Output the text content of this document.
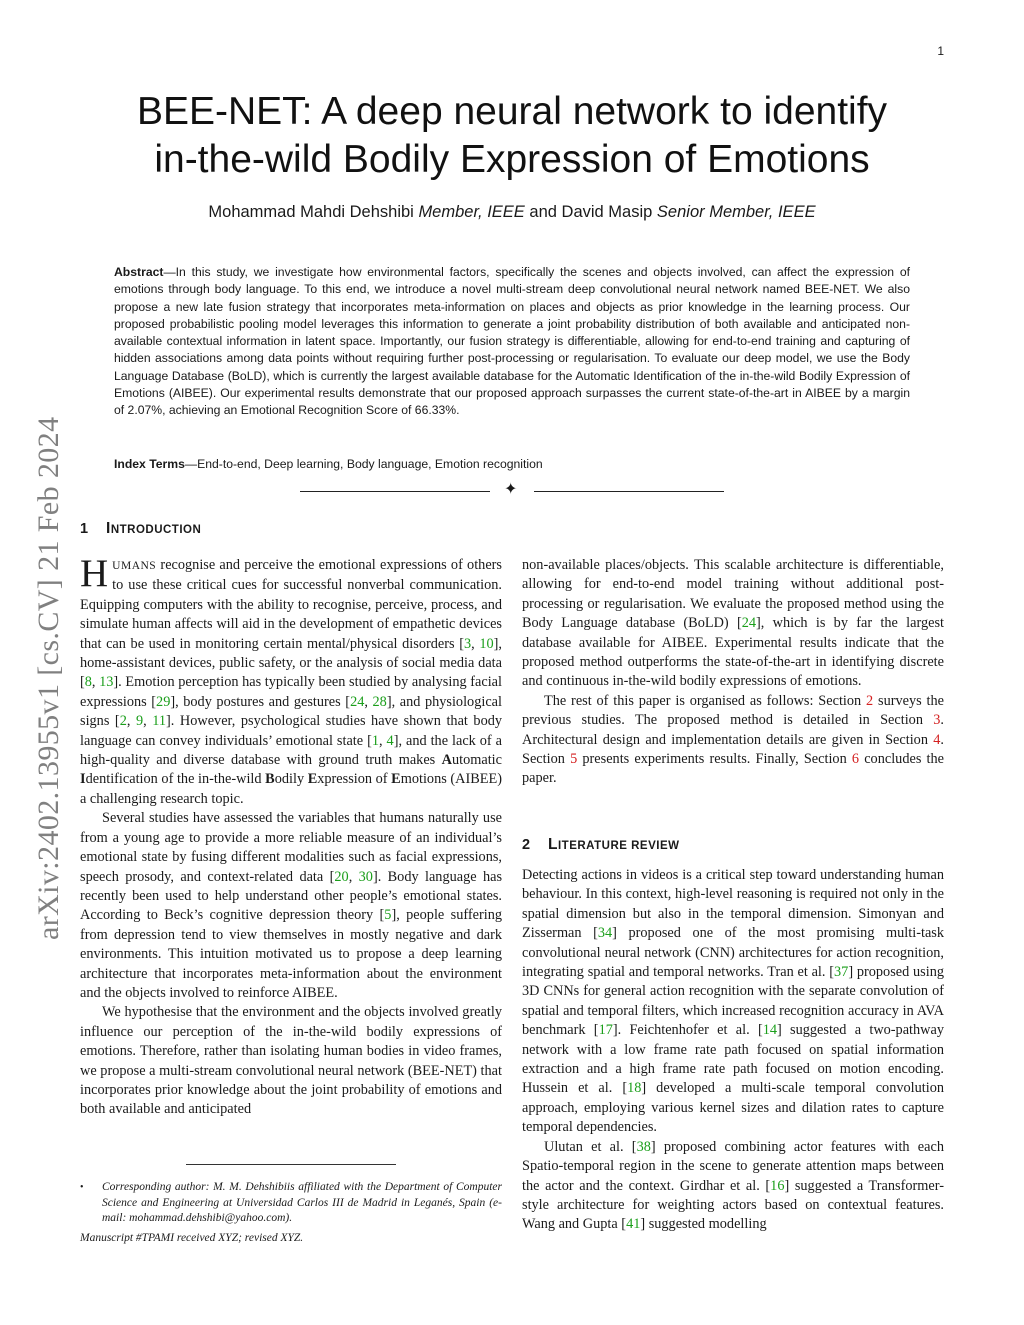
1
arXiv:2402.13955v1 [cs.CV] 21 Feb 2024
BEE-NET: A deep neural network to identify
in-the-wild Bodily Expression of Emotions
Mohammad Mahdi Dehshibi Member, IEEE and David Masip Senior Member, IEEE

Abstract—In this study, we investigate how environmental factors, specifically the scenes and objects involved, can affect the expression of emotions through body language. To this end, we introduce a novel multi-stream deep convolutional neural network named BEE-NET. We also propose a new late fusion strategy that incorporates meta-information on places and objects as prior knowledge in the learning process. Our proposed probabilistic pooling model leverages this information to generate a joint probability distribution of both available and anticipated non-available contextual information in latent space. Importantly, our fusion strategy is differentiable, allowing for end-to-end training and capturing of hidden associations among data points without requiring further post-processing or regularisation. To evaluate our deep model, we use the Body Language Database (BoLD), which is currently the largest available database for the Automatic Identification of the in-the-wild Bodily Expression of Emotions (AIBEE). Our experimental results demonstrate that our proposed approach surpasses the current state-of-the-art in AIBEE by a margin of 2.07%, achieving an Emotional Recognition Score of 66.33%.

Index Terms—End-to-end, Deep learning, Body language, Emotion recognition

✦
1 INTRODUCTION

HUMANS recognise and perceive the emotional expressions of others to use these critical cues for successful nonverbal communication. Equipping computers with the ability to recognise, perceive, process, and simulate human affects will aid in the development of empathetic devices that can be used in monitoring certain mental/physical disorders [3, 10], home-assistant devices, public safety, or the analysis of social media data [8, 13]. Emotion perception has typically been studied by analysing facial expressions [29], body postures and gestures [24, 28], and physiological signs [2, 9, 11]. However, psychological studies have shown that body language can convey individuals’ emotional state [1, 4], and the lack of a high-quality and diverse database with ground truth makes Automatic Identification of the in-the-wild Bodily Expression of Emotions (AIBEE) a challenging research topic.

Several studies have assessed the variables that humans naturally use from a young age to provide a more reliable measure of an individual’s emotional state by fusing different modalities such as facial expressions, speech prosody, and context-related data [20, 30]. Body language has recently been used to help understand other people’s emotional states. According to Beck’s cognitive depression theory [5], people suffering from depression tend to view themselves in mostly negative and dark environments. This intuition motivated us to propose a deep learning architecture that incorporates meta-information about the environment and the objects involved to reinforce AIBEE.

We hypothesise that the environment and the objects involved greatly influence our perception of the in-the-wild bodily expressions of emotions. Therefore, rather than isolating human bodies in video frames, we propose a multi-stream convolutional neural network (BEE-NET) that incorporates prior knowledge about the joint probability of emotions and both available and anticipated

non-available places/objects. This scalable architecture is differentiable, allowing for end-to-end model training without additional post-processing or regularisation. We evaluate the proposed method using the Body Language database (BoLD) [24], which is by far the largest database available for AIBEE. Experimental results indicate that the proposed method outperforms the state-of-the-art in identifying discrete and continuous in-the-wild bodily expressions of emotions.

The rest of this paper is organised as follows: Section 2 surveys the previous studies. The proposed method is detailed in Section 3. Architectural design and implementation details are given in Section 4. Section 5 presents experiments results. Finally, Section 6 concludes the paper.

2 LITERATURE REVIEW

Detecting actions in videos is a critical step toward understanding human behaviour. In this context, high-level reasoning is required not only in the spatial dimension but also in the temporal dimension. Simonyan and Zisserman [34] proposed one of the most promising multi-task convolutional neural network (CNN) architectures for action recognition, integrating spatial and temporal networks. Tran et al. [37] proposed using 3D CNNs for general action recognition with the separate convolution of spatial and temporal filters, which increased recognition accuracy in AVA benchmark [17]. Feichtenhofer et al. [14] suggested a two-pathway network with a low frame rate path focused on spatial information extraction and a high frame rate path focused on motion encoding. Hussein et al. [18] developed a multi-scale temporal convolution approach, employing various kernel sizes and dilation rates to capture temporal dependencies.

Ulutan et al. [38] proposed combining actor features with each Spatio-temporal region in the scene to generate attention maps between the actor and the context. Girdhar et al. [16] suggested a Transformer-style architecture for weighting actors based on contextual features. Wang and Gupta [41] suggested modelling

• Corresponding author: M. M. Dehshibiis affiliated with the Department of Computer Science and Engineering at Universidad Carlos III de Madrid in Leganés, Spain (e-mail: mohammad.dehshibi@yahoo.com).
Manuscript #TPAMI received XYZ; revised XYZ.
